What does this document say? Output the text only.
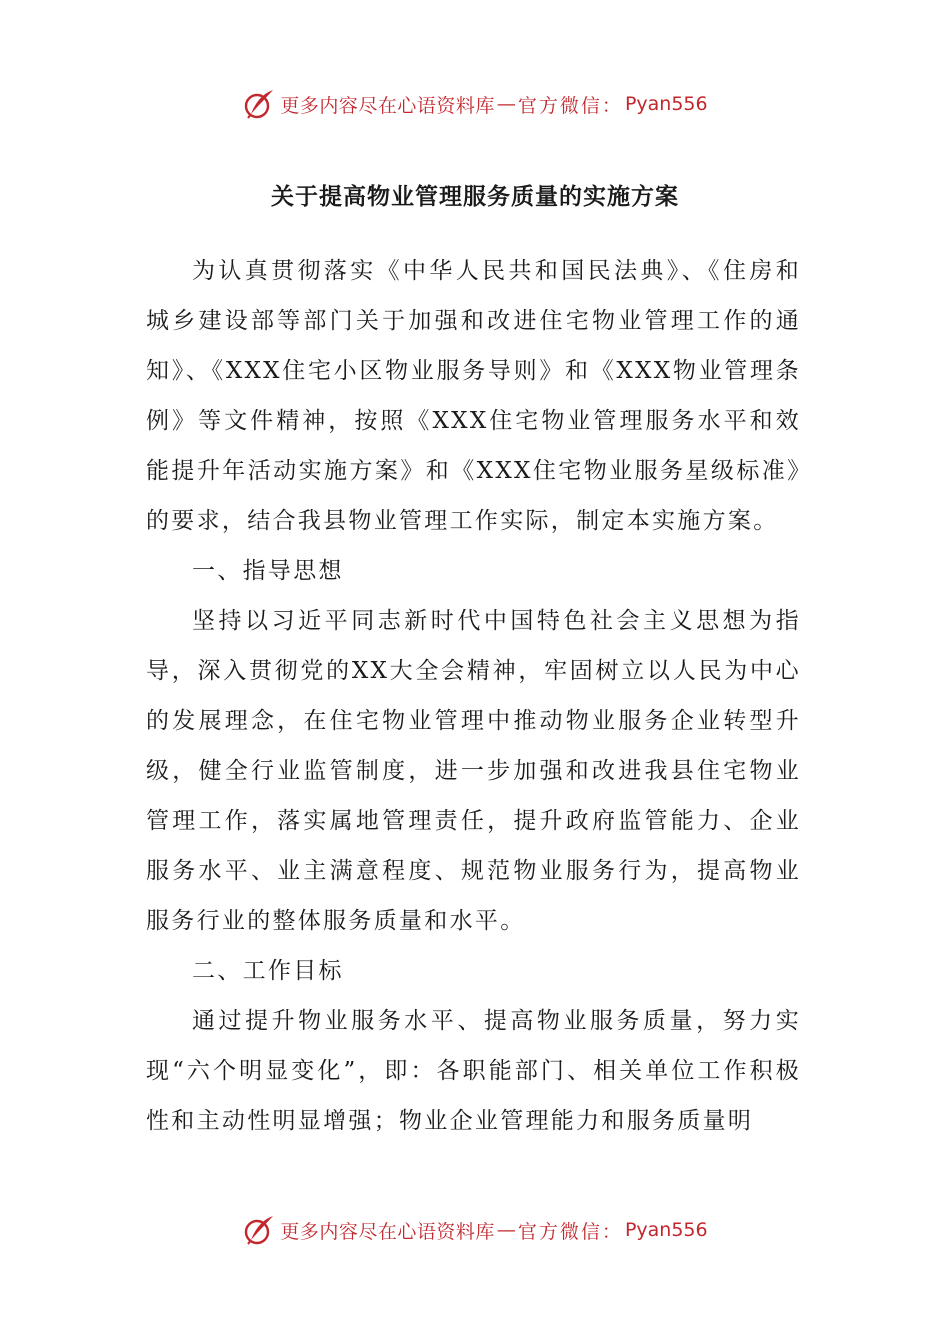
更多内容尽在心语资料库 — 官方微信： Pyan556
关于提高物业管理服务质量的实施方案

为认真贯彻落实《中华人民共和国民法典》、《住房和城乡建设部等部门关于加强和改进住宅物业管理工作的通知》、《XXX住宅小区物业服务导则》和《XXX物业管理条例》等文件精神，按照《XXX住宅物业管理服务水平和效能提升年活动实施方案》和《XXX住宅物业服务星级标准》的要求，结合我县物业管理工作实际，制定本实施方案。

一、指导思想

坚持以习近平同志新时代中国特色社会主义思想为指导，深入贯彻党的XX大全会精神，牢固树立以人民为中心的发展理念，在住宅物业管理中推动物业服务企业转型升级，健全行业监管制度，进一步加强和改进我县住宅物业管理工作，落实属地管理责任，提升政府监管能力、企业服务水平、业主满意程度、规范物业服务行为，提高物业服务行业的整体服务质量和水平。

二、工作目标

通过提升物业服务水平、提高物业服务质量，努力实现“六个明显变化”，即：各职能部门、相关单位工作积极性和主动性明显增强；物业企业管理能力和服务质量明

更多内容尽在心语资料库 — 官方微信： Pyan556
